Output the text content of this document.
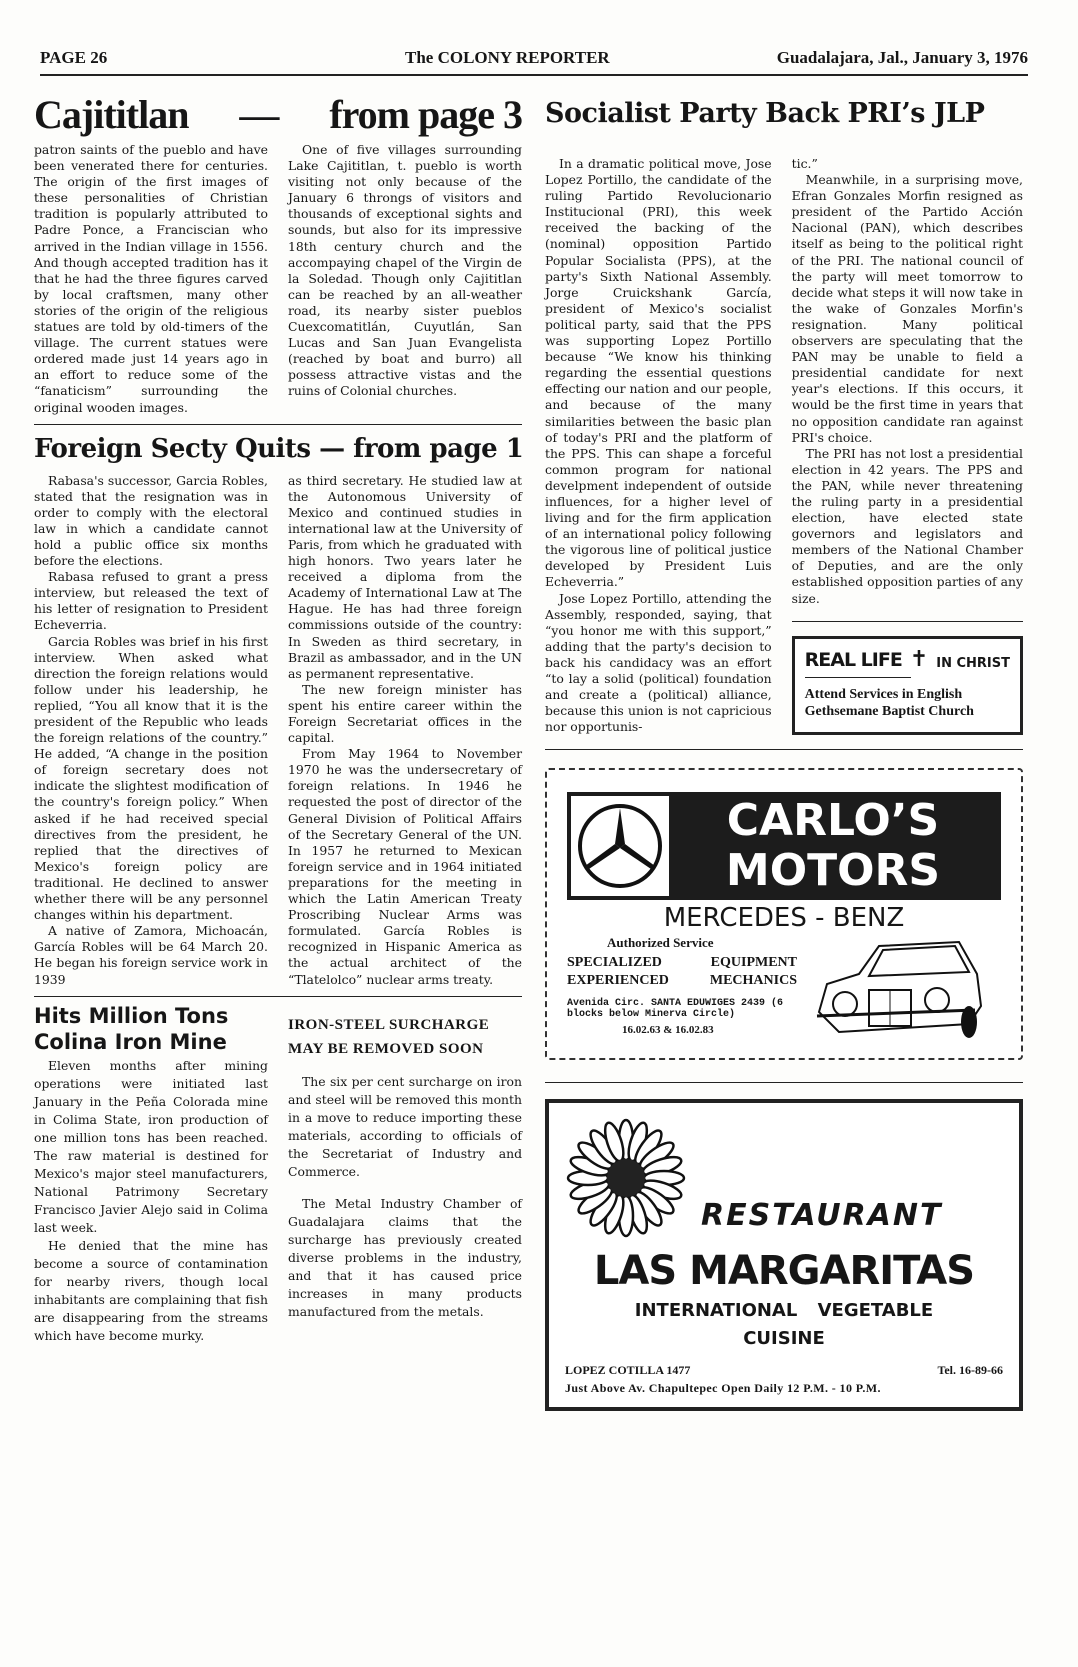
PAGE 26	The COLONY REPORTER	Guadalajara, Jal., January 3, 1976
Cajititlan — from page 3

patron saints of the pueblo and have been venerated there for centuries. The origin of the first images of these personalities of Christian tradition is popularly attributed to Padre Ponce, a Franciscian who arrived in the Indian village in 1556. And though accepted tradition has it that he had the three figures carved by local craftsmen, many other stories of the origin of the religious statues are told by old-timers of the village. The current statues were ordered made just 14 years ago in an effort to reduce some of the “fanaticism” surrounding the original wooden images.

One of five villages surrounding Lake Cajititlan, t. pueblo is worth visiting not only because of the January 6 throngs of visitors and thousands of exceptional sights and sounds, but also for its impressive 18th century church and the accompaying chapel of the Virgin de la Soledad. Though only Cajititlan can be reached by an all-weather road, its nearby sister pueblos Cuexcomatitlán, Cuyutlán, San Lucas and San Juan Evangelista (reached by boat and burro) all possess attractive vistas and the ruins of Colonial churches.

Foreign Secty Quits — from page 1

Rabasa's successor, Garcia Robles, stated that the resignation was in order to comply with the electoral law in which a candidate cannot hold a public office six months before the elections.

Rabasa refused to grant a press interview, but released the text of his letter of resignation to President Echeverria.

Garcia Robles was brief in his first interview. When asked what direction the foreign relations would follow under his leadership, he replied, “You all know that it is the president of the Republic who leads the foreign relations of the country.” He added, “A change in the position of foreign secretary does not indicate the slightest modification of the country's foreign policy.” When asked if he had received special directives from the president, he replied that the directives of Mexico's foreign policy are traditional. He declined to answer whether there will be any personnel changes within his department.

A native of Zamora, Michoacán, García Robles will be 64 March 20. He began his foreign service work in 1939

as third secretary. He studied law at the Autonomous University of Mexico and continued studies in international law at the University of Paris, from which he graduated with high honors. Two years later he received a diploma from the Academy of International Law at The Hague. He has had three foreign commissions outside of the country: In Sweden as third secretary, in Brazil as ambassador, and in the UN as permanent representative.

The new foreign minister has spent his entire career within the Foreign Secretariat offices in the capital.

From May 1964 to November 1970 he was the undersecretary of foreign relations. In 1946 he requested the post of director of the General Division of Political Affairs of the Secretary General of the UN. In 1957 he returned to Mexican foreign service and in 1964 initiated preparations for the meeting in which the Latin American Treaty Proscribing Nuclear Arms was formulated. García Robles is recognized in Hispanic America as the actual architect of the “Tlatelolco” nuclear arms treaty.

Hits Million Tons
Colina Iron Mine

Eleven months after mining operations were initiated last January in the Peña Colorada mine in Colima State, iron production of one million tons has been reached. The raw material is destined for Mexico's major steel manufacturers, National Patrimony Secretary Francisco Javier Alejo said in Colima last week.

He denied that the mine has become a source of contamination for nearby rivers, though local inhabitants are complaining that fish are disappearing from the streams which have become murky.

IRON-STEEL SURCHARGE
MAY BE REMOVED SOON

The six per cent surcharge on iron and steel will be removed this month in a move to reduce importing these materials, according to officials of the Secretariat of Industry and Commerce.

The Metal Industry Chamber of Guadalajara claims that the surcharge has previously created diverse problems in the industry, and that it has caused price increases in many products manufactured from the metals.

Socialist Party Back PRI’s JLP

In a dramatic political move, Jose Lopez Portillo, the candidate of the ruling Partido Revolucionario Institucional (PRI), this week received the backing of the (nominal) opposition Partido Popular Socialista (PPS), at the party's Sixth National Assembly. Jorge Cruickshank García, president of Mexico's socialist political party, said that the PPS was supporting Lopez Portillo because “We know his thinking regarding the essential questions effecting our nation and our people, and because of the many similarities between the basic plan of today's PRI and the platform of the PPS. This can shape a forceful common program for national develpment independent of outside influences, for a higher level of living and for the firm application of an international policy following the vigorous line of political justice developed by President Luis Echeverria.”

Jose Lopez Portillo, attending the Assembly, responded, saying, that “you honor me with this support,” adding that the party's decision to back his candidacy was an effort “to lay a solid (political) foundation and create a (political) alliance, because this union is not capricious nor opportunis-

tic.”

Meanwhile, in a surprising move, Efran Gonzales Morfin resigned as president of the Partido Acción Nacional (PAN), which describes itself as being to the political right of the PRI. The national council of the party will meet tomorrow to decide what steps it will now take in the wake of Gonzales Morfin's resignation. Many political observers are speculating that the PAN may be unable to field a presidential candidate for next year's elections. If this occurs, it would be the first time in years that no opposition candidate ran against PRI's choice.

The PRI has not lost a presidential election in 42 years. The PPS and the PAN, while never threatening the ruling party in a presidential election, have elected state governors and legislators and members of the National Chamber of Deputies, and are the only established opposition parties of any size.

REAL LIFE ✝ IN CHRIST
Attend Services in English
Gethsemane Baptist Church
CARLO’S
MOTORS
MERCEDES - BENZ
Authorized Service
SPECIALIZED	EQUIPMENT
EXPERIENCED	MECHANICS
Avenida Circ. SANTA EDUWIGES 2439 (6 blocks below Minerva Circle)
16.02.63 & 16.02.83
RESTAURANT
LAS MARGARITAS
INTERNATIONAL VEGETABLE
CUISINE
LOPEZ COTILLA 1477	Tel. 16-89-66
Just Above Av. Chapultepec Open Daily 12 P.M. - 10 P.M.
